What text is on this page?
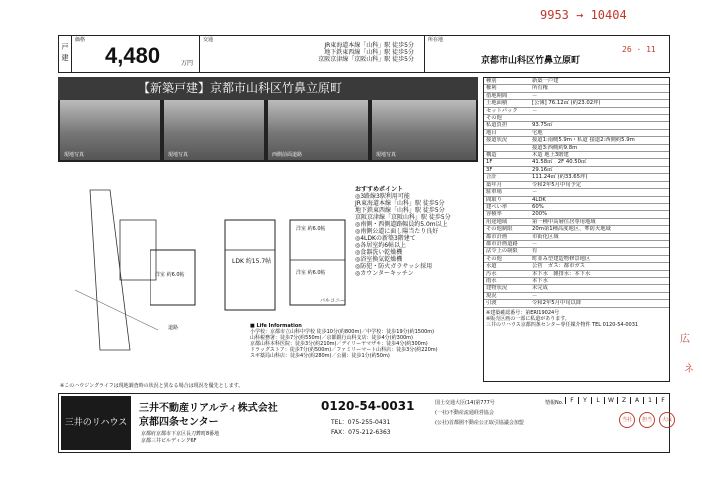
9953 → 10404
26 · 11
広
ネ
戸建
価格
4,480	万円
交通
JR東海道本線「山科」駅 徒歩5分
地下鉄東西線「山科」駅 徒歩5分
京阪京津線「京阪山科」駅 徒歩5分
所在地
京都市山科区竹鼻立原町
【新築戸建】京都市山科区竹鼻立原町
現地写真	現地写真	西側前面道路	現地写真
道路
洋室 約6.0帖
LDK 約15.7帖
洋室 約6.0帖
洋室 約6.0帖
バルコニー
おすすめポイント
◎3路線3駅利用可能
JR東海道本線「山科」駅 徒歩5分
地下鉄東西線「山科」駅 徒歩5分
京阪京津線「京阪山科」駅 徒歩5分
◎南側・西側道路幅員約5.0m以上
◎南側公道に面し陽当たり良好
◎4LDKの新築3階建て
◎各居室約6帖以上
◎食器洗い乾燥機
◎浴室換気乾燥機
◎防犯・防火ガラサッシ採用
◎カウンターキッチン
■ Life Information
小学校：京都市立山科中学校 徒歩10分(約800m)／中学校：徒歩19分(約1500m)
山科税務署：徒歩7分(約550m)／京都銀行山科支店：徒歩4分(約300m)
京都山科本科医院：徒歩3分(約210m)／デイリーヤマザキ：徒歩4分(約300m)
ドラッグストア：徒歩7分(約500m)／ファミリーマート山科店：徒歩3分(約220m)
スギ薬局山科店：徒歩4分(約280m)／公園：徒歩1分(約50m)
※このハウジングライフは現地調査時の状況と異なる場合は現況を優先とします。
種別	新築一戸建
権利	所有権
借地期間	－
土地面積	[公簿] 76.12㎡ (約23.02坪)
セットバック	－
その他	
私道負担	93.75㎡
地目	宅地
接道状況	接道1:南側5.9m・私道 接道2:西側約5.9m
	接道3:西側約9.8m
構造	木造 地上3階建
1F	41.58㎡　2F 40.50㎡
3F	29.16㎡
合計	111.24㎡ (約33.65坪)
築年月	令和2年5月中旬予定
駐車場	－
間取り	4LDK
建ぺい率	60%
容積率	200%
用途地域	第一種中高層住居専用地域
その他制限	20m第1種高度地区、準防火地域
都市計画	市街化区域
都市計画道路	－
法令上の制限	有
その他	町並み型建造物修景地区
水道	公営　ガス：都市ガス
汚水	本下水　雑排水：本下水
雨水	本下水
建物状況	未完成
現況	－
引渡	令和2年5月中旬以降
※建築確認番号：第ERI19024号
※販売区画の一部に私道があります。
三井のリハウス京都四条センター専任媒介物件 TEL 0120-54-0031
三井のリハウス
三井不動産リアルティ株式会社
京都四条センター
京都府京都市下京区長刀鉾町8番地
京都三井ビルディング6F
0120-54-0031
TEL：075-255-0431
FAX：075-212-6363
国土交通大臣(14)第777号
(一社)不動産流通経営協会
(公社)首都圏不動産公正取引協議会加盟
情報No.	F	Y	L	W	Z	A	1	F
当社	担当	大成
